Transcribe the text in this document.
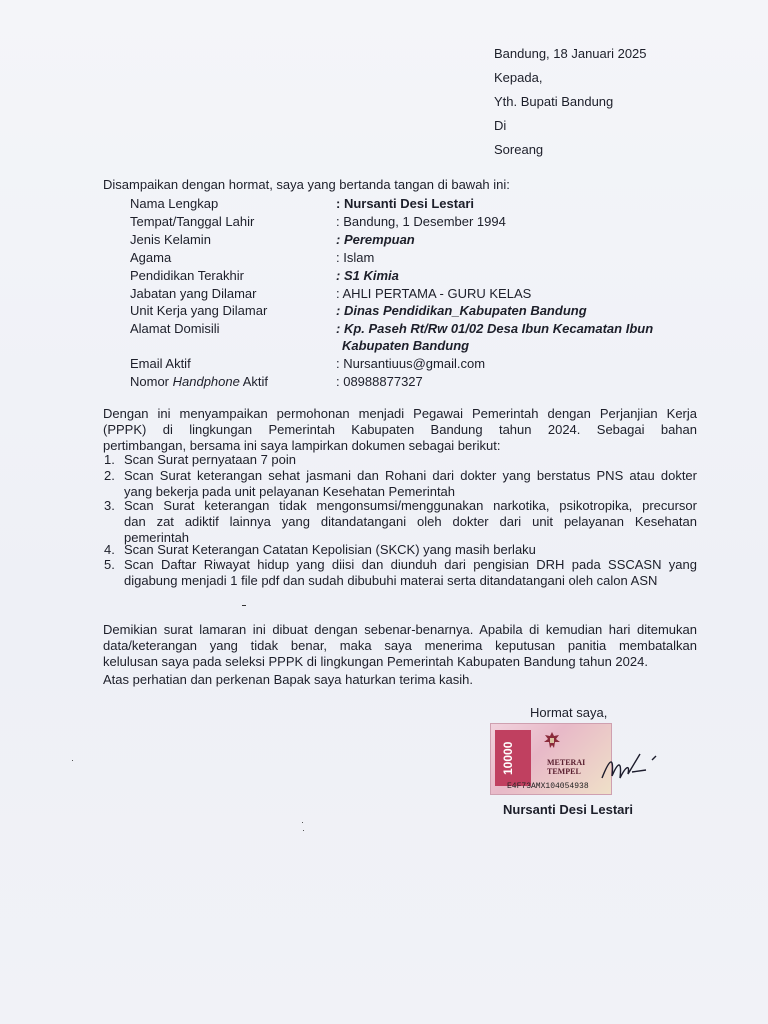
Bandung, 18 Januari 2025
Kepada,
Yth. Bupati Bandung
Di
Soreang
Disampaikan dengan hormat, saya yang bertanda tangan di bawah ini:
Nama Lengkap	: Nursanti Desi Lestari
Tempat/Tanggal Lahir	: Bandung, 1 Desember 1994
Jenis Kelamin	: Perempuan
Agama	: Islam
Pendidikan Terakhir	: S1 Kimia
Jabatan yang Dilamar	: AHLI PERTAMA - GURU KELAS
Unit Kerja yang Dilamar	: Dinas Pendidikan_Kabupaten Bandung
Alamat Domisili	: Kp. Paseh Rt/Rw 01/02 Desa Ibun Kecamatan Ibun
Kabupaten Bandung
Email Aktif	: Nursantiuus@gmail.com
Nomor Handphone Aktif	: 08988877327
Dengan ini menyampaikan permohonan menjadi Pegawai Pemerintah dengan Perjanjian Kerja
(PPPK) di lingkungan Pemerintah Kabupaten Bandung tahun 2024. Sebagai bahan
pertimbangan, bersama ini saya lampirkan dokumen sebagai berikut:
1. Scan Surat pernyataan 7 poin
2. Scan Surat keterangan sehat jasmani dan Rohani dari dokter yang berstatus PNS atau dokter
yang bekerja pada unit pelayanan Kesehatan Pemerintah
3. Scan Surat keterangan tidak mengonsumsi/menggunakan narkotika, psikotropika, precursor
dan zat adiktif lainnya yang ditandatangani oleh dokter dari unit pelayanan Kesehatan
pemerintah
4. Scan Surat Keterangan Catatan Kepolisian (SKCK) yang masih berlaku
5. Scan Daftar Riwayat hidup yang diisi dan diunduh dari pengisian DRH pada SSCASN yang
digabung menjadi 1 file pdf dan sudah dibubuhi materai serta ditandatangani oleh calon ASN
Demikian surat lamaran ini dibuat dengan sebenar-benarnya. Apabila di kemudian hari ditemukan
data/keterangan yang tidak benar, maka saya menerima keputusan panitia membatalkan
kelulusan saya pada seleksi PPPK di lingkungan Pemerintah Kabupaten Bandung tahun 2024.
Atas perhatian dan perkenan Bapak saya haturkan terima kasih.
Hormat saya,
10000	METERAI
TEMPEL
E4F73AMX104054938
Nursanti Desi Lestari
